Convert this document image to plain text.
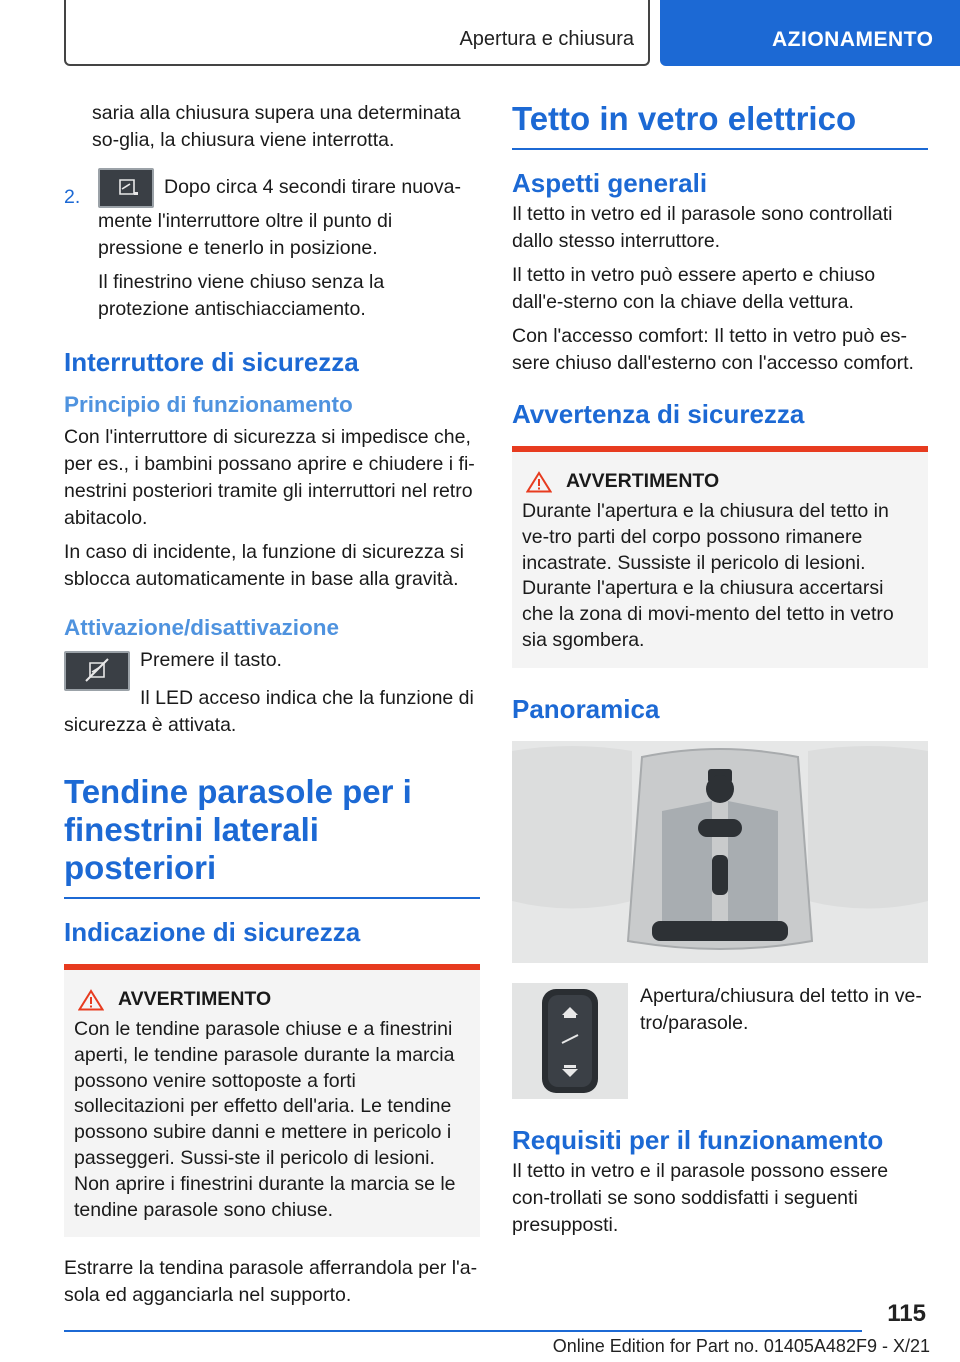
Apertura e chiusura	AZIONAMENTO

saria alla chiusura supera una determinata so-glia, la chiusura viene interrotta.

2.	Dopo circa 4 secondi tirare nuova-mente l'interruttore oltre il punto di pressione e tenerlo in posizione.

Il finestrino viene chiuso senza la protezione antischiacciamento.

Interruttore di sicurezza
Principio di funzionamento

Con l'interruttore di sicurezza si impedisce che, per es., i bambini possano aprire e chiudere i fi-nestrini posteriori tramite gli interruttori nel retro abitacolo.

In caso di incidente, la funzione di sicurezza si sblocca automaticamente in base alla gravità.

Attivazione/disattivazione

Premere il tasto.

Il LED acceso indica che la funzione di sicurezza è attivata.

Tendine parasole per i finestrini laterali posteriori
Indicazione di sicurezza
AVVERTIMENTO

Con le tendine parasole chiuse e a finestrini aperti, le tendine parasole durante la marcia possono venire sottoposte a forti sollecitazioni per effetto dell'aria. Le tendine possono subire danni e mettere in pericolo i passeggeri. Sussi-ste il pericolo di lesioni. Non aprire i finestrini durante la marcia se le tendine parasole sono chiuse.

Estrarre la tendina parasole afferrandola per l'a-sola ed agganciarla nel supporto.

Tetto in vetro elettrico
Aspetti generali

Il tetto in vetro ed il parasole sono controllati dallo stesso interruttore.

Il tetto in vetro può essere aperto e chiuso dall'e-sterno con la chiave della vettura.

Con l'accesso comfort: Il tetto in vetro può es-sere chiuso dall'esterno con l'accesso comfort.

Avvertenza di sicurezza
AVVERTIMENTO

Durante l'apertura e la chiusura del tetto in ve-tro parti del corpo possono rimanere incastrate. Sussiste il pericolo di lesioni. Durante l'apertura e la chiusura accertarsi che la zona di movi-mento del tetto in vetro sia sgombera.

Panoramica

Apertura/chiusura del tetto in ve-tro/parasole.

Requisiti per il funzionamento

Il tetto in vetro e il parasole possono essere con-trollati se sono soddisfatti i seguenti presupposti.

115
Online Edition for Part no. 01405A482F9 - X/21
